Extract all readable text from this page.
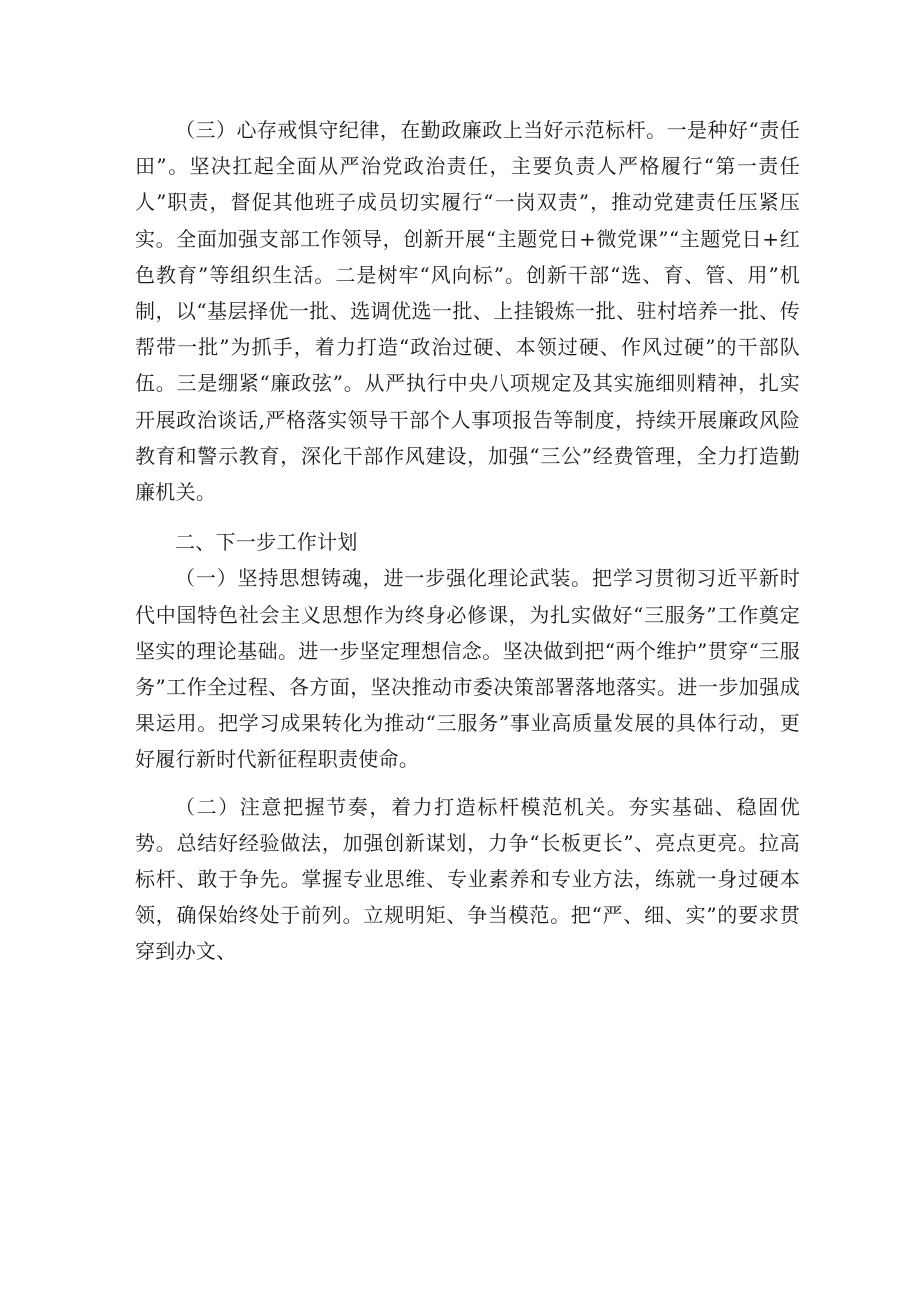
（三）心存戒惧守纪律，在勤政廉政上当好示范标杆。一是种好“责任田”。坚决扛起全面从严治党政治责任，主要负责人严格履行“第一责任人”职责，督促其他班子成员切实履行“一岗双责”，推动党建责任压紧压实。全面加强支部工作领导，创新开展“主题党日+微党课”“主题党日+红色教育”等组织生活。二是树牢“风向标”。创新干部“选、育、管、用”机制，以“基层择优一批、选调优选一批、上挂锻炼一批、驻村培养一批、传帮带一批”为抓手，着力打造“政治过硬、本领过硬、作风过硬”的干部队伍。三是绷紧“廉政弦”。从严执行中央八项规定及其实施细则精神，扎实开展政治谈话,严格落实领导干部个人事项报告等制度，持续开展廉政风险教育和警示教育，深化干部作风建设，加强“三公”经费管理，全力打造勤廉机关。

二、下一步工作计划

（一）坚持思想铸魂，进一步强化理论武装。把学习贯彻习近平新时代中国特色社会主义思想作为终身必修课，为扎实做好“三服务”工作奠定坚实的理论基础。进一步坚定理想信念。坚决做到把“两个维护”贯穿“三服务”工作全过程、各方面，坚决推动市委决策部署落地落实。进一步加强成果运用。把学习成果转化为推动“三服务”事业高质量发展的具体行动，更好履行新时代新征程职责使命。

（二）注意把握节奏，着力打造标杆模范机关。夯实基础、稳固优势。总结好经验做法，加强创新谋划，力争“长板更长”、亮点更亮。拉高标杆、敢于争先。掌握专业思维、专业素养和专业方法，练就一身过硬本领，确保始终处于前列。立规明矩、争当模范。把“严、细、实”的要求贯穿到办文、
